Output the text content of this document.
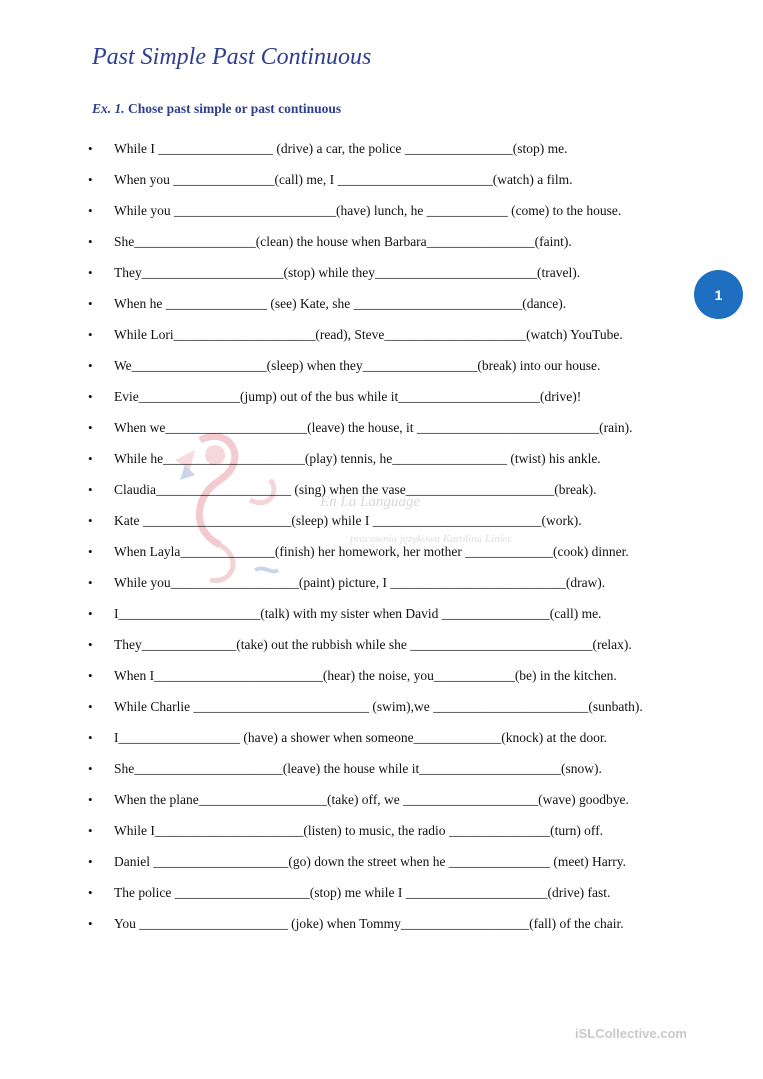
Past Simple Past Continuous
Ex. 1. Chose past simple or past continuous
1
En La Language
pracownia językowa Karolina Liniec
• While I _________________ (drive) a car, the police ________________(stop) me.
• When you _______________(call) me, I _______________________(watch) a film.
• While you ________________________(have) lunch, he ____________ (come) to the house.
• She__________________(clean) the house when Barbara________________(faint).
• They_____________________(stop) while they________________________(travel).
• When he _______________ (see) Kate, she _________________________(dance).
• While Lori_____________________(read), Steve_____________________(watch) YouTube.
• We____________________(sleep) when they_________________(break) into our house.
• Evie_______________(jump) out of the bus while it_____________________(drive)!
• When we_____________________(leave) the house, it ___________________________(rain).
• While he_____________________(play) tennis, he_________________ (twist) his ankle.
• Claudia____________________ (sing) when the vase______________________(break).
• Kate ______________________(sleep) while I _________________________(work).
• When Layla______________(finish) her homework, her mother _____________(cook) dinner.
• While you___________________(paint) picture, I __________________________(draw).
• I_____________________(talk) with my sister when David ________________(call) me.
• They______________(take) out the rubbish while she ___________________________(relax).
• When I_________________________(hear) the noise, you____________(be) in the kitchen.
• While Charlie __________________________ (swim),we _______________________(sunbath).
• I__________________ (have) a shower when someone_____________(knock) at the door.
• She______________________(leave) the house while it_____________________(snow).
• When the plane___________________(take) off, we ____________________(wave) goodbye.
• While I______________________(listen) to music, the radio _______________(turn) off.
• Daniel ____________________(go) down the street when he _______________ (meet) Harry.
• The police ____________________(stop) me while I _____________________(drive) fast.
• You ______________________ (joke) when Tommy___________________(fall) of the chair.
iSLCollective.com
